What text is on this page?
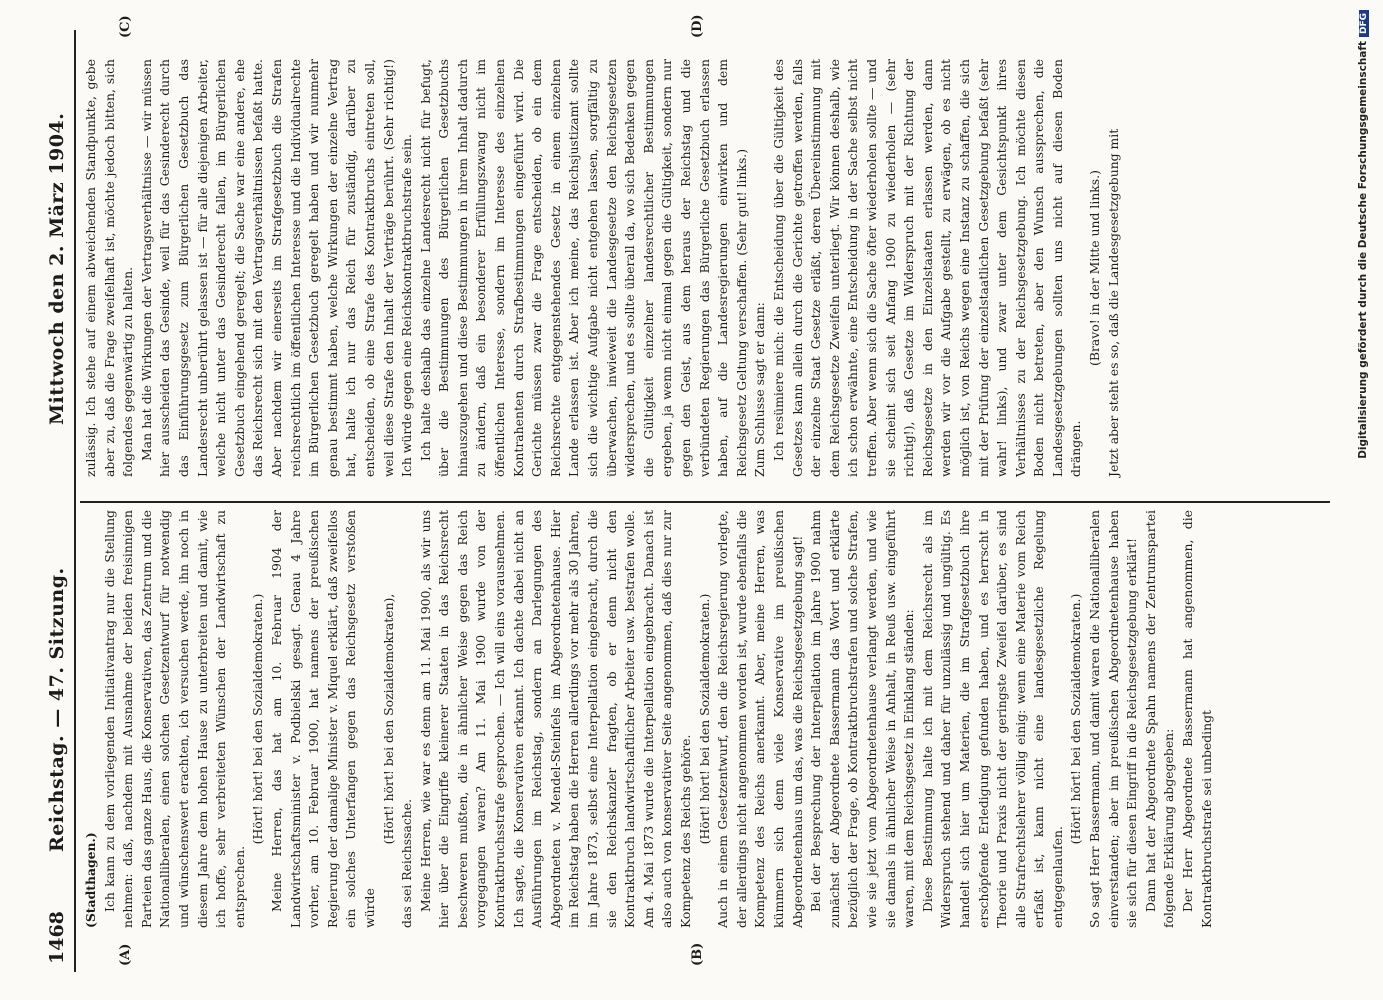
1468
Reichstag. — 47. Sitzung.
Mittwoch den 2. März 1904.
(A)	(B)
(C)	(D)
(Stadthagen.) Ich kann zu dem vorliegenden Initiativantrag nur die Stellung nehmen: daß, nachdem mit Ausnahme der beiden freisinnigen Parteien das ganze Haus, die Konservativen, das Zentrum und die Nationalliberalen, einen solchen Gesetzentwurf für notwendig und wünschenswert erachten, ich versuchen werde, ihn noch in diesem Jahre dem hohen Hause zu unterbreiten und damit, wie ich hoffe, sehr verbreiteten Wünschen der Landwirtschaft zu entsprechen.

(Hört! hört! bei den Sozialdemokraten.) Meine Herren, das hat am 10. Februar 1904 der Landwirtschaftsminister v. Podbielski gesagt. Genau 4 Jahre vorher, am 10. Februar 1900, hat namens der preußischen Regierung der damalige Minister v. Miquel erklärt, daß zweifellos ein solches Unterfangen gegen das Reichsgesetz verstoßen würde

(Hört! hört! bei den Sozialdemokraten),

das sei Reichssache. Meine Herren, wie war es denn am 11. Mai 1900, als wir uns hier über die Eingriffe kleinerer Staaten in das Reichsrecht beschweren mußten, die in ähnlicher Weise gegen das Reich vorgegangen waren? Am 11. Mai 1900 wurde von der Kontraktbruchsstrafe gesprochen. — Ich will eins vorausnehmen. Ich sagte, die Konservativen erkannt. Ich dachte dabei nicht an Ausführungen im Reichstag, sondern an Darlegungen des Abgeordneten v. Mendel-Steinfels im Abgeordnetenhause. Hier im Reichstag haben die Herren allerdings vor mehr als 30 Jahren, im Jahre 1873, selbst eine Interpellation eingebracht, durch die sie den Reichskanzler fragten, ob er denn nicht den Kontraktbruch landwirtschaftlicher Arbeiter usw. bestrafen wolle. Am 4. Mai 1873 wurde die Interpellation eingebracht. Danach ist also auch von konservativer Seite angenommen, daß dies nur zur Kompetenz des Reichs gehöre. (Hört! hört! bei den Sozialdemokraten.) Auch in einem Gesetzentwurf, den die Reichsregierung vorlegte, der allerdings nicht angenommen worden ist, wurde ebenfalls die Kompetenz des Reichs anerkannt. Aber, meine Herren, was kümmern sich denn viele Konservative im preußischen Abgeordnetenhaus um das, was die Reichsgesetzgebung sagt! Bei der Besprechung der Interpellation im Jahre 1900 nahm zunächst der Abgeordnete Bassermann das Wort und erklärte bezüglich der Frage, ob Kontraktbruchstrafen und solche Strafen, wie sie jetzt vom Abgeordnetenhause verlangt werden, und wie sie damals in ähnlicher Weise in Anhalt, in Reuß usw. eingeführt waren, mit dem Reichsgesetz in Einklang ständen: Diese Bestimmung halte ich mit dem Reichsrecht als im Widerspruch stehend und daher für unzulässig und ungültig. Es handelt sich hier um Materien, die im Strafgesetzbuch ihre erschöpfende Erledigung gefunden haben, und es herrscht in Theorie und Praxis nicht der geringste Zweifel darüber, es sind alle Strafrechtslehrer völlig einig: wenn eine Materie vom Reich erfaßt ist, kann nicht eine landesgesetzliche Regelung entgegenlaufen.

(Hört! hört! bei den Sozialdemokraten.) So sagt Herr Bassermann, und damit waren die Nationalliberalen einverstanden; aber im preußischen Abgeordnetenhause haben sie sich für diesen Eingriff in die Reichsgesetzgebung erklärt! Dann hat der Abgeordnete Spahn namens der Zentrumspartei folgende Erklärung abgegeben: Der Herr Abgeordnete Bassermann hat angenommen, die Kontraktbruchstrafe sei unbedingt

zulässig. Ich stehe auf einem abweichenden Standpunkte, gebe aber zu, daß die Frage zweifelhaft ist, möchte jedoch bitten, sich folgendes gegenwärtig zu halten. Man hat die Wirkungen der Vertragsverhältnisse — wir müssen hier ausscheiden das Gesinde, weil für das Gesinderecht durch das Einführungsgesetz zum Bürgerlichen Gesetzbuch das Landesrecht unberührt gelassen ist — für alle diejenigen Arbeiter, welche nicht unter das Gesinderecht fallen, im Bürgerlichen Gesetzbuch eingehend geregelt; die Sache war eine andere, ehe das Reichsrecht sich mit den Vertragsverhältnissen befaßt hatte. Aber nachdem wir einerseits im Strafgesetzbuch die Strafen reichsrechtlich im öffentlichen Interesse und die Individualrechte im Bürgerlichen Gesetzbuch geregelt haben und wir nunmehr genau bestimmt haben, welche Wirkungen der einzelne Vertrag hat, halte ich nur das Reich für zuständig, darüber zu entscheiden, ob eine Strafe des Kontraktbruchs eintreten soll, weil diese Strafe den Inhalt der Verträge berührt. (Sehr richtig!) Ich würde gegen eine Reichskontraktbruchstrafe sein. Ich halte deshalb das einzelne Landesrecht nicht für befugt, über die Bestimmungen des Bürgerlichen Gesetzbuchs hinauszugehen und diese Bestimmungen in ihrem Inhalt dadurch zu ändern, daß ein besonderer Erfüllungszwang nicht im öffentlichen Interesse, sondern im Interesse des einzelnen Kontrahenten durch Strafbestimmungen eingeführt wird. Die Gerichte müssen zwar die Frage entscheiden, ob ein dem Reichsrechte entgegenstehendes Gesetz in einem einzelnen Lande erlassen ist. Aber ich meine, das Reichsjustizamt sollte sich die wichtige Aufgabe nicht entgehen lassen, sorgfältig zu überwachen, inwieweit die Landesgesetze den Reichsgesetzen widersprechen, und es sollte überall da, wo sich Bedenken gegen die Gültigkeit einzelner landesrechtlicher Bestimmungen ergeben, ja wenn nicht einmal gegen die Gültigkeit, sondern nur gegen den Geist, aus dem heraus der Reichstag und die verbündeten Regierungen das Bürgerliche Gesetzbuch erlassen haben, auf die Landesregierungen einwirken und dem Reichsgesetz Geltung verschaffen. (Sehr gut! links.) Zum Schlusse sagt er dann: Ich resümiere mich: die Entscheidung über die Gültigkeit des Gesetzes kann allein durch die Gerichte getroffen werden, falls der einzelne Staat Gesetze erläßt, deren Übereinstimmung mit dem Reichsgesetze Zweifeln unterliegt. Wir können deshalb, wie ich schon erwähnte, eine Entscheidung in der Sache selbst nicht treffen. Aber wenn sich die Sache öfter wiederholen sollte — und sie scheint sich seit Anfang 1900 zu wiederholen — (sehr richtig!), daß Gesetze im Widerspruch mit der Richtung der Reichsgesetze in den Einzelstaaten erlassen werden, dann werden wir vor die Aufgabe gestellt, zu erwägen, ob es nicht möglich ist, von Reichs wegen eine Instanz zu schaffen, die sich mit der Prüfung der einzelstaatlichen Gesetzgebung befaßt (sehr wahr! links), und zwar unter dem Gesichtspunkt ihres Verhältnisses zu der Reichsgesetzgebung. Ich möchte diesen Boden nicht betreten, aber den Wunsch aussprechen, die Landesgesetzgebungen sollten uns nicht auf diesen Boden drängen.

(Bravo! in der Mitte und links.) Jetzt aber steht es so, daß die Landesgesetzgebung mit	Digitalisierung gefördert durch die Deutsche ForschungsgemeinschaftDFG
